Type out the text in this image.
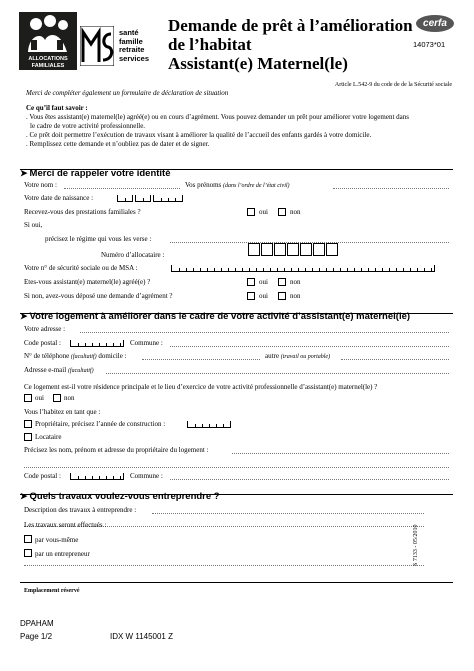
ALLOCATIONS FAMILIALES
santé
famille
retraite
services
Demande de prêt à l’amélioration
de l’habitat
Assistant(e) Maternel(le)
cerfa
14073*01
Article L.542-9 du code de de la Sécurité sociale
Merci de compléter également un formulaire de déclaration de situation
Ce qu’il faut savoir :
. Vous êtes assistant(e) maternel(le) agréé(e) ou en cours d’agrément. Vous pouvez demander un prêt pour améliorer votre logement dans
le cadre de votre activité professionnelle.
. Ce prêt doit permettre l’exécution de travaux visant à améliorer la qualité de l’accueil des enfants gardés à votre domicile.
. Remplissez cette demande et n’oubliez pas de dater et de signer.
➤ Merci de rappeler votre identité
Votre nom :	Vos prénoms (dans l’ordre de l’état civil)
Votre date de naissance :
Recevez-vous des prestations familiales ?	oui	non
Si oui,
précisez le régime qui vous les verse :
Numéro d’allocataire :
Votre n° de sécurité sociale ou de MSA :
Etes-vous assistant(e) maternel(le) agréé(e) ?	oui	non
Si non, avez-vous déposé une demande d’agrément ?	oui	non
➤ Votre logement à améliorer dans le cadre de votre activité d’assistant(e) maternel(le)
Votre adresse :
Code postal :	Commune :
N° de téléphone (facultatif) domicile :	autre (travail ou portable)
Adresse e-mail (facultatif)
Ce logement est-il votre résidence principale et le lieu d’exercice de votre activité professionnelle d’assistant(e) maternel(le) ?
oui	non
Vous l’habitez en tant que :
Propriétaire, précisez l’année de construction :
Locataire
Précisez les nom, prénom et adresse du propriétaire du logement :
Code postal :	Commune :
➤ Quels travaux voulez-vous entreprendre ?
Description des travaux à entreprendre :
Les travaux seront effectués :
par vous-même
par un entrepreneur	S 7133 - 05/2010
Emplacement réservé
DPAHAM
Page 1/2	IDX W 1145001 Z
